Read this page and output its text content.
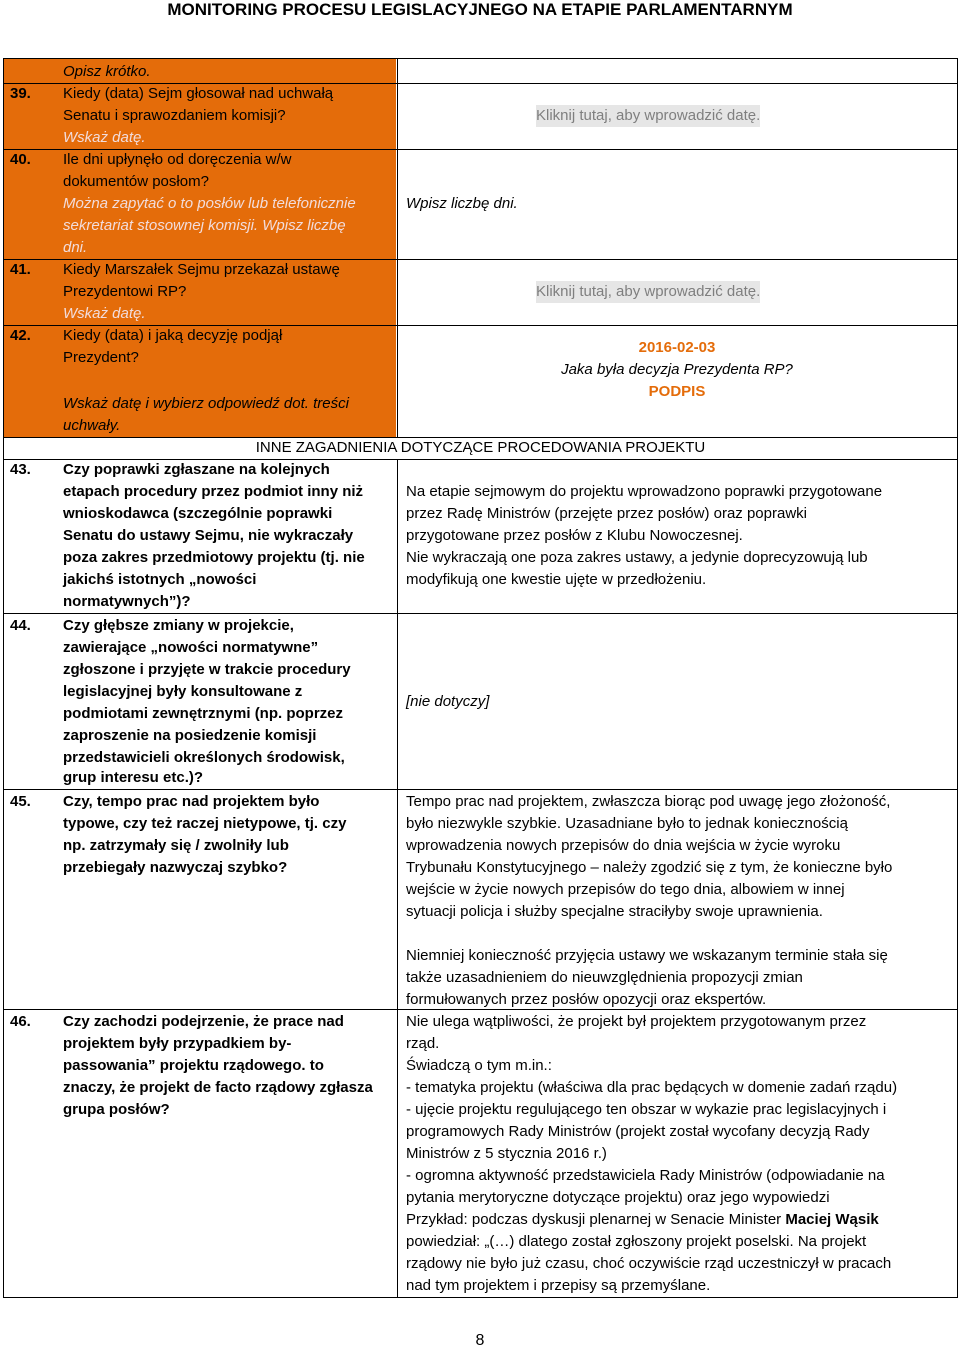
MONITORING PROCESU LEGISLACYJNEGO NA ETAPIE PARLAMENTARNYM
Opisz krótko.
39. Kiedy (data) Sejm głosował nad uchwałą
Senatu i sprawozdaniem komisji?
Wskaż datę.
Kliknij tutaj, aby wprowadzić datę.
40. Ile dni upłynęło od doręczenia w/w
dokumentów posłom?
Można zapytać o to posłów lub telefonicznie
sekretariat stosownej komisji. Wpisz liczbę
dni.
Wpisz liczbę dni.
41. Kiedy Marszałek Sejmu przekazał ustawę
Prezydentowi RP?
Wskaż datę.
Kliknij tutaj, aby wprowadzić datę.
42. Kiedy (data) i jaką decyzję podjął
Prezydent?
Wskaż datę i wybierz odpowiedź dot. treści
uchwały.
2016-02-03
Jaka była decyzja Prezydenta RP?
PODPIS
INNE ZAGADNIENIA DOTYCZĄCE PROCEDOWANIA PROJEKTU
43. Czy poprawki zgłaszane na kolejnych
etapach procedury przez podmiot inny niż
wnioskodawca (szczególnie poprawki
Senatu do ustawy Sejmu, nie wykraczały
poza zakres przedmiotowy projektu (tj. nie
jakichś istotnych „nowości
normatywnych”)?
Na etapie sejmowym do projektu wprowadzono poprawki przygotowane
przez Radę Ministrów (przejęte przez posłów) oraz poprawki
przygotowane przez posłów z Klubu Nowoczesnej.
Nie wykraczają one poza zakres ustawy, a jedynie doprecyzowują lub
modyfikują one kwestie ujęte w przedłożeniu.
44. Czy głębsze zmiany w projekcie,
zawierające „nowości normatywne”
zgłoszone i przyjęte w trakcie procedury
legislacyjnej były konsultowane z
podmiotami zewnętrznymi (np. poprzez
zaproszenie na posiedzenie komisji
przedstawicieli określonych środowisk,
grup interesu etc.)?
[nie dotyczy]
45. Czy, tempo prac nad projektem było
typowe, czy też raczej nietypowe, tj. czy
np. zatrzymały się / zwolniły lub
przebiegały nazwyczaj szybko?
Tempo prac nad projektem, zwłaszcza biorąc pod uwagę jego złożoność,
było niezwykle szybkie. Uzasadniane było to jednak koniecznością
wprowadzenia nowych przepisów do dnia wejścia w życie wyroku
Trybunału Konstytucyjnego – należy zgodzić się z tym, że konieczne było
wejście w życie nowych przepisów do tego dnia, albowiem w innej
sytuacji policja i służby specjalne straciłyby swoje uprawnienia.
Niemniej konieczność przyjęcia ustawy we wskazanym terminie stała się
także uzasadnieniem do nieuwzględnienia propozycji zmian
formułowanych przez posłów opozycji oraz ekspertów.
46. Czy zachodzi podejrzenie, że prace nad
projektem były przypadkiem by-
passowania” projektu rządowego. to
znaczy, że projekt de facto rządowy zgłasza
grupa posłów?
Nie ulega wątpliwości, że projekt był projektem przygotowanym przez
rząd.
Świadczą o tym m.in.:
- tematyka projektu (właściwa dla prac będących w domenie zadań rządu)
- ujęcie projektu regulującego ten obszar w wykazie prac legislacyjnych i
programowych Rady Ministrów (projekt został wycofany decyzją Rady
Ministrów z 5 stycznia 2016 r.)
- ogromna aktywność przedstawiciela Rady Ministrów (odpowiadanie na
pytania merytoryczne dotyczące projektu) oraz jego wypowiedzi
Przykład: podczas dyskusji plenarnej w Senacie Minister Maciej Wąsik
powiedział: „(…) dlatego został zgłoszony projekt poselski. Na projekt
rządowy nie było już czasu, choć oczywiście rząd uczestniczył w pracach
nad tym projektem i przepisy są przemyślane.
8
